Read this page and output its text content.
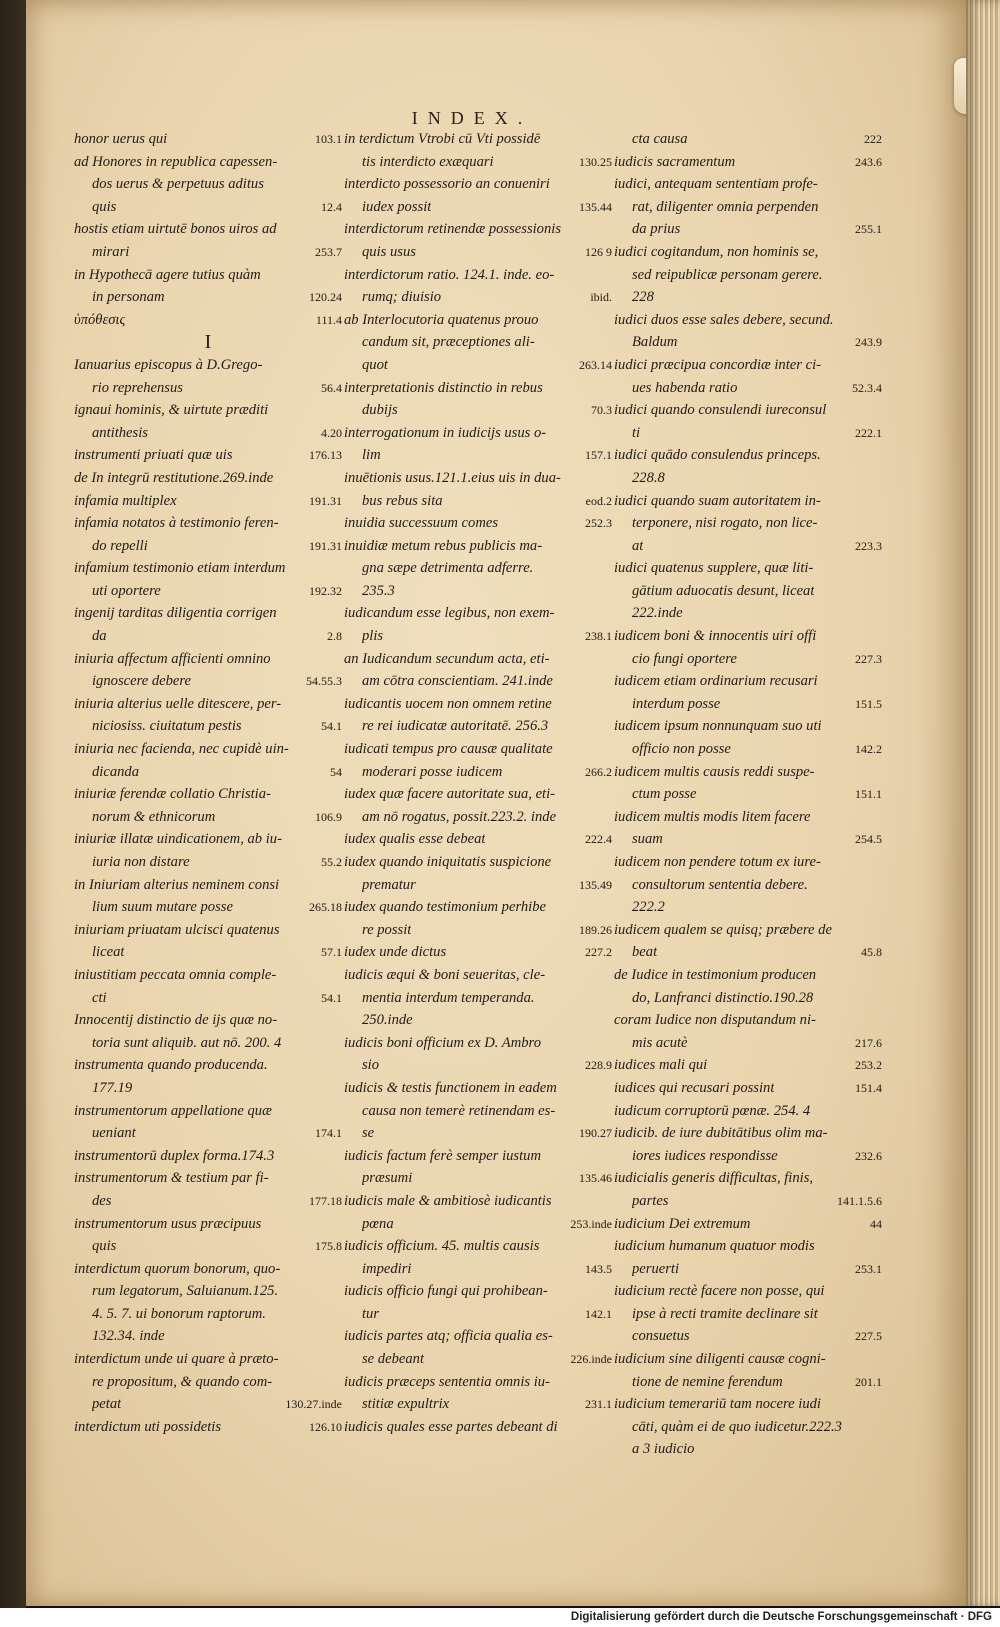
INDEX.
honor uerus qui	103.1
ad Honores in republica capessen-
dos uerus & perpetuus aditus
quis	12.4
hostis etiam uirtutē bonos uiros ad
mirari	253.7
in Hypothecā agere tutius quàm
in personam	120.24
ὑπόθεσις	111.4
I
Ianuarius episcopus à D.Grego-
rio reprehensus	56.4
ignaui hominis, & uirtute præditi
antithesis	4.20
instrumenti priuati quæ uis	176.13
de In integrū restitutione.269.inde
infamia multiplex	191.31
infamia notatos à testimonio feren-
do repelli	191.31
infamium testimonio etiam interdum
uti oportere	192.32
ingenij tarditas diligentia corrigen
da	2.8
iniuria affectum afficienti omnino
ignoscere debere	54.55.3
iniuria alterius uelle ditescere, per-
niciosiss. ciuitatum pestis	54.1
iniuria nec facienda, nec cupidè uin-
dicanda	54
iniuriæ ferendæ collatio Christia-
norum & ethnicorum	106.9
iniuriæ illatæ uindicationem, ab iu-
iuria non distare	55.2
in Iniuriam alterius neminem consi
lium suum mutare posse	265.18
iniuriam priuatam ulcisci quatenus
liceat	57.1
iniustitiam peccata omnia comple-
cti	54.1
Innocentij distinctio de ijs quæ no-
toria sunt aliquib. aut nō. 200. 4
instrumenta quando producenda.
177.19
instrumentorum appellatione quæ
ueniant	174.1
instrumentorū duplex forma.174.3
instrumentorum & testium par fi-
des	177.18
instrumentorum usus præcipuus
quis	175.8
interdictum quorum bonorum, quo-
rum legatorum, Saluianum.125.
4. 5. 7. ui bonorum raptorum.
132.34. inde
interdictum unde ui quare à præto-
re propositum, & quando com-
petat	130.27.inde
interdictum uti possidetis	126.10
in terdictum Vtrobi cū Vti possidē
tis interdicto exæquari	130.25
interdicto possessorio an conueniri
iudex possit	135.44
interdictorum retinendæ possessionis
quis usus	126 9
interdictorum ratio. 124.1. inde. eo-
rumq; diuisio	ibid.
ab Interlocutoria quatenus prouo
candum sit, præceptiones ali-
quot	263.14
interpretationis distinctio in rebus
dubijs	70.3
interrogationum in iudicijs usus o-
lim	157.1
inuētionis usus.121.1.eius uis in dua-
bus rebus sita	eod.2
inuidia successuum comes	252.3
inuidiæ metum rebus publicis ma-
gna sæpe detrimenta adferre.
235.3
iudicandum esse legibus, non exem-
plis	238.1
an Iudicandum secundum acta, eti-
am cōtra conscientiam. 241.inde
iudicantis uocem non omnem retine
re rei iudicatæ autoritatē. 256.3
iudicati tempus pro causæ qualitate
moderari posse iudicem	266.2
iudex quæ facere autoritate sua, eti-
am nō rogatus, possit.223.2. inde
iudex qualis esse debeat	222.4
iudex quando iniquitatis suspicione
prematur	135.49
iudex quando testimonium perhibe
re possit	189.26
iudex unde dictus	227.2
iudicis æqui & boni seueritas, cle-
mentia interdum temperanda.
250.inde
iudicis boni officium ex D. Ambro
sio	228.9
iudicis & testis functionem in eadem
causa non temerè retinendam es-
se	190.27
iudicis factum ferè semper iustum
præsumi	135.46
iudicis male & ambitiosè iudicantis
pœna	253.inde
iudicis officium. 45. multis causis
impediri	143.5
iudicis officio fungi qui prohibean-
tur	142.1
iudicis partes atq; officia qualia es-
se debeant	226.inde
iudicis præceps sententia omnis iu-
stitiæ expultrix	231.1
iudicis quales esse partes debeant di
cta causa	222
iudicis sacramentum	243.6
iudici, antequam sententiam profe-
rat, diligenter omnia perpenden
da prius	255.1
iudici cogitandum, non hominis se,
sed reipublicæ personam gerere.
228
iudici duos esse sales debere, secund.
Baldum	243.9
iudici præcipua concordiæ inter ci-
ues habenda ratio	52.3.4
iudici quando consulendi iureconsul
ti	222.1
iudici quādo consulendus princeps.
228.8
iudici quando suam autoritatem in-
terponere, nisi rogato, non lice-
at	223.3
iudici quatenus supplere, quæ liti-
gātium aduocatis desunt, liceat
222.inde
iudicem boni & innocentis uiri offi
cio fungi oportere	227.3
iudicem etiam ordinarium recusari
interdum posse	151.5
iudicem ipsum nonnunquam suo uti
officio non posse	142.2
iudicem multis causis reddi suspe-
ctum posse	151.1
iudicem multis modis litem facere
suam	254.5
iudicem non pendere totum ex iure-
consultorum sententia debere.
222.2
iudicem qualem se quisq; præbere de
beat	45.8
de Iudice in testimonium producen
do, Lanfranci distinctio.190.28
coram Iudice non disputandum ni-
mis acutè	217.6
iudices mali qui	253.2
iudices qui recusari possint	151.4
iudicum corruptorū pœnæ. 254. 4
iudicib. de iure dubitātibus olim ma-
iores iudices respondisse	232.6
iudicialis generis difficultas, finis,
partes	141.1.5.6
iudicium Dei extremum	44
iudicium humanum quatuor modis
peruerti	253.1
iudicium rectè facere non posse, qui
ipse à recti tramite declinare sit
consuetus	227.5
iudicium sine diligenti causæ cogni-
tione de nemine ferendum	201.1
iudicium temerariū tam nocere iudi
cāti, quàm ei de quo iudicetur.222.3
a 3 iudicio
Digitalisierung gefördert durch die Deutsche Forschungsgemeinschaft · DFG
